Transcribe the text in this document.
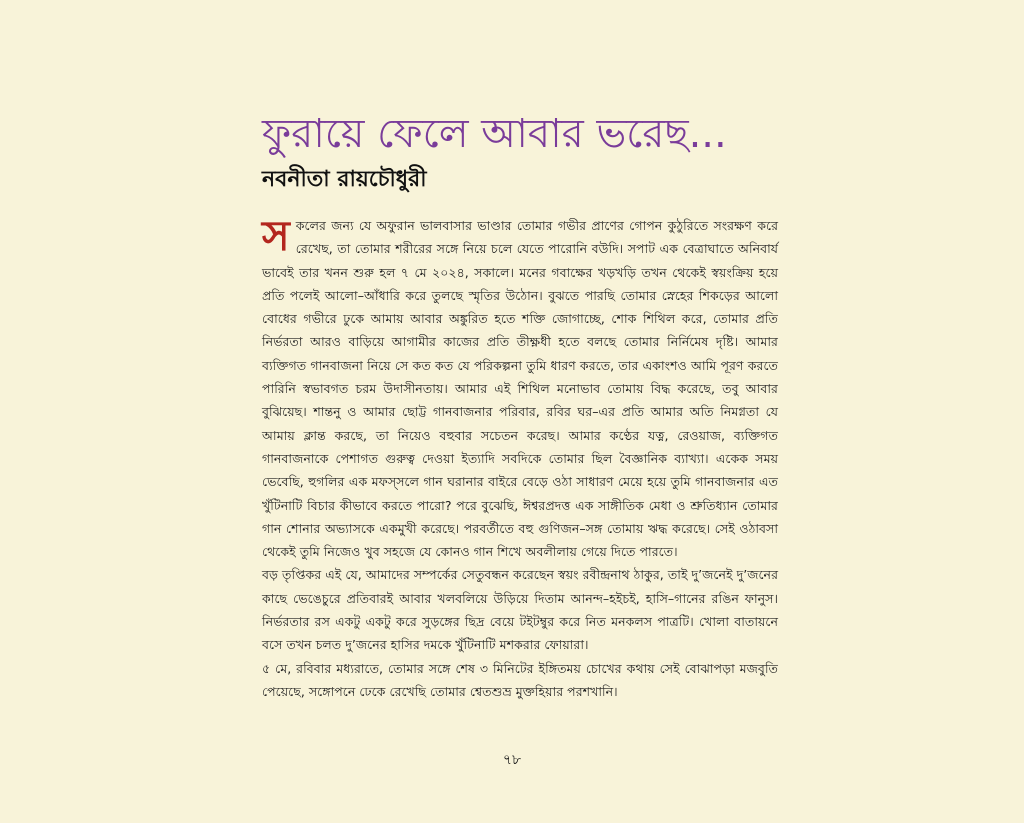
ফুরায়ে ফেলে আবার ভরেছ...
নবনীতা রায়চৌধুরী

সকলের জন্য যে অফুরান ভালবাসার ভাণ্ডার তোমার গভীর প্রাণের গোপন কুঠুরিতে সংরক্ষণ করে রেখেছ, তা তোমার শরীরের সঙ্গে নিয়ে চলে যেতে পারোনি বউদি। সপাট এক বেত্রাঘাতে অনিবার্য ভাবেই তার খনন শুরু হল ৭ মে ২০২৪, সকালে। মনের গবাক্ষের খড়খড়ি তখন থেকেই স্বয়ংক্রিয় হয়ে প্রতি পলেই আলো–আঁধারি করে তুলছে স্মৃতির উঠোন। বুঝতে পারছি তোমার স্নেহের শিকড়ের আলো বোধের গভীরে ঢুকে আমায় আবার অঙ্কুরিত হতে শক্তি জোগাচ্ছে, শোক শিথিল করে, তোমার প্রতি নির্ভরতা আরও বাড়িয়ে আগামীর কাজের প্রতি তীক্ষ্ণধী হতে বলছে তোমার নির্নিমেষ দৃষ্টি। আমার ব্যক্তিগত গানবাজনা নিয়ে সে কত কত যে পরিকল্পনা তুমি ধারণ করতে, তার একাংশও আমি পূরণ করতে পারিনি স্বভাবগত চরম উদাসীনতায়। আমার এই শিথিল মনোভাব তোমায় বিদ্ধ করেছে, তবু আবার বুঝিয়েছ। শান্তনু ও আমার ছোট্ট গানবাজনার পরিবার, রবির ঘর–এর প্রতি আমার অতি নিমগ্নতা যে আমায় ক্লান্ত করছে, তা নিয়েও বহুবার সচেতন করেছ। আমার কণ্ঠের যত্ন, রেওয়াজ, ব্যক্তিগত গানবাজনাকে পেশাগত গুরুত্ব দেওয়া ইত্যাদি সবদিকে তোমার ছিল বৈজ্ঞানিক ব্যাখ্যা। একেক সময় ভেবেছি, হুগলির এক মফস্‌সলে গান ঘরানার বাইরে বেড়ে ওঠা সাধারণ মেয়ে হয়ে তুমি গানবাজনার এত খুঁটিনাটি বিচার কীভাবে করতে পারো? পরে বুঝেছি, ঈশ্বরপ্রদত্ত এক সাঙ্গীতিক মেধা ও শ্রুতিধ্যান তোমার গান শোনার অভ্যাসকে একমুখী করেছে। পরবর্তীতে বহু গুণিজন–সঙ্গ তোমায় ঋদ্ধ করেছে। সেই ওঠাবসা থেকেই তুমি নিজেও খুব সহজে যে কোনও গান শিখে অবলীলায় গেয়ে দিতে পারতে।

বড় তৃপ্তিকর এই যে, আমাদের সম্পর্কের সেতুবন্ধন করেছেন স্বয়ং রবীন্দ্রনাথ ঠাকুর, তাই দু’জনেই দু’জনের কাছে ভেঙেচুরে প্রতিবারই আবার খলবলিয়ে উড়িয়ে দিতাম আনন্দ–হইচই, হাসি–গানের রঙিন ফানুস। নির্ভরতার রস একটু একটু করে সুড়ঙ্গের ছিদ্র বেয়ে টইটম্বুর করে নিত মনকলস পাত্রটি। খোলা বাতায়নে বসে তখন চলত দু’জনের হাসির দমকে খুঁটিনাটি মশকরার ফোয়ারা।

৫ মে, রবিবার মধ্যরাতে, তোমার সঙ্গে শেষ ৩ মিনিটের ইঙ্গিতময় চোখের কথায় সেই বোঝাপড়া মজবুতি পেয়েছে, সঙ্গোপনে ঢেকে রেখেছি তোমার শ্বেতশুভ্র মুক্তহিয়ার পরশখানি।

৭৮
